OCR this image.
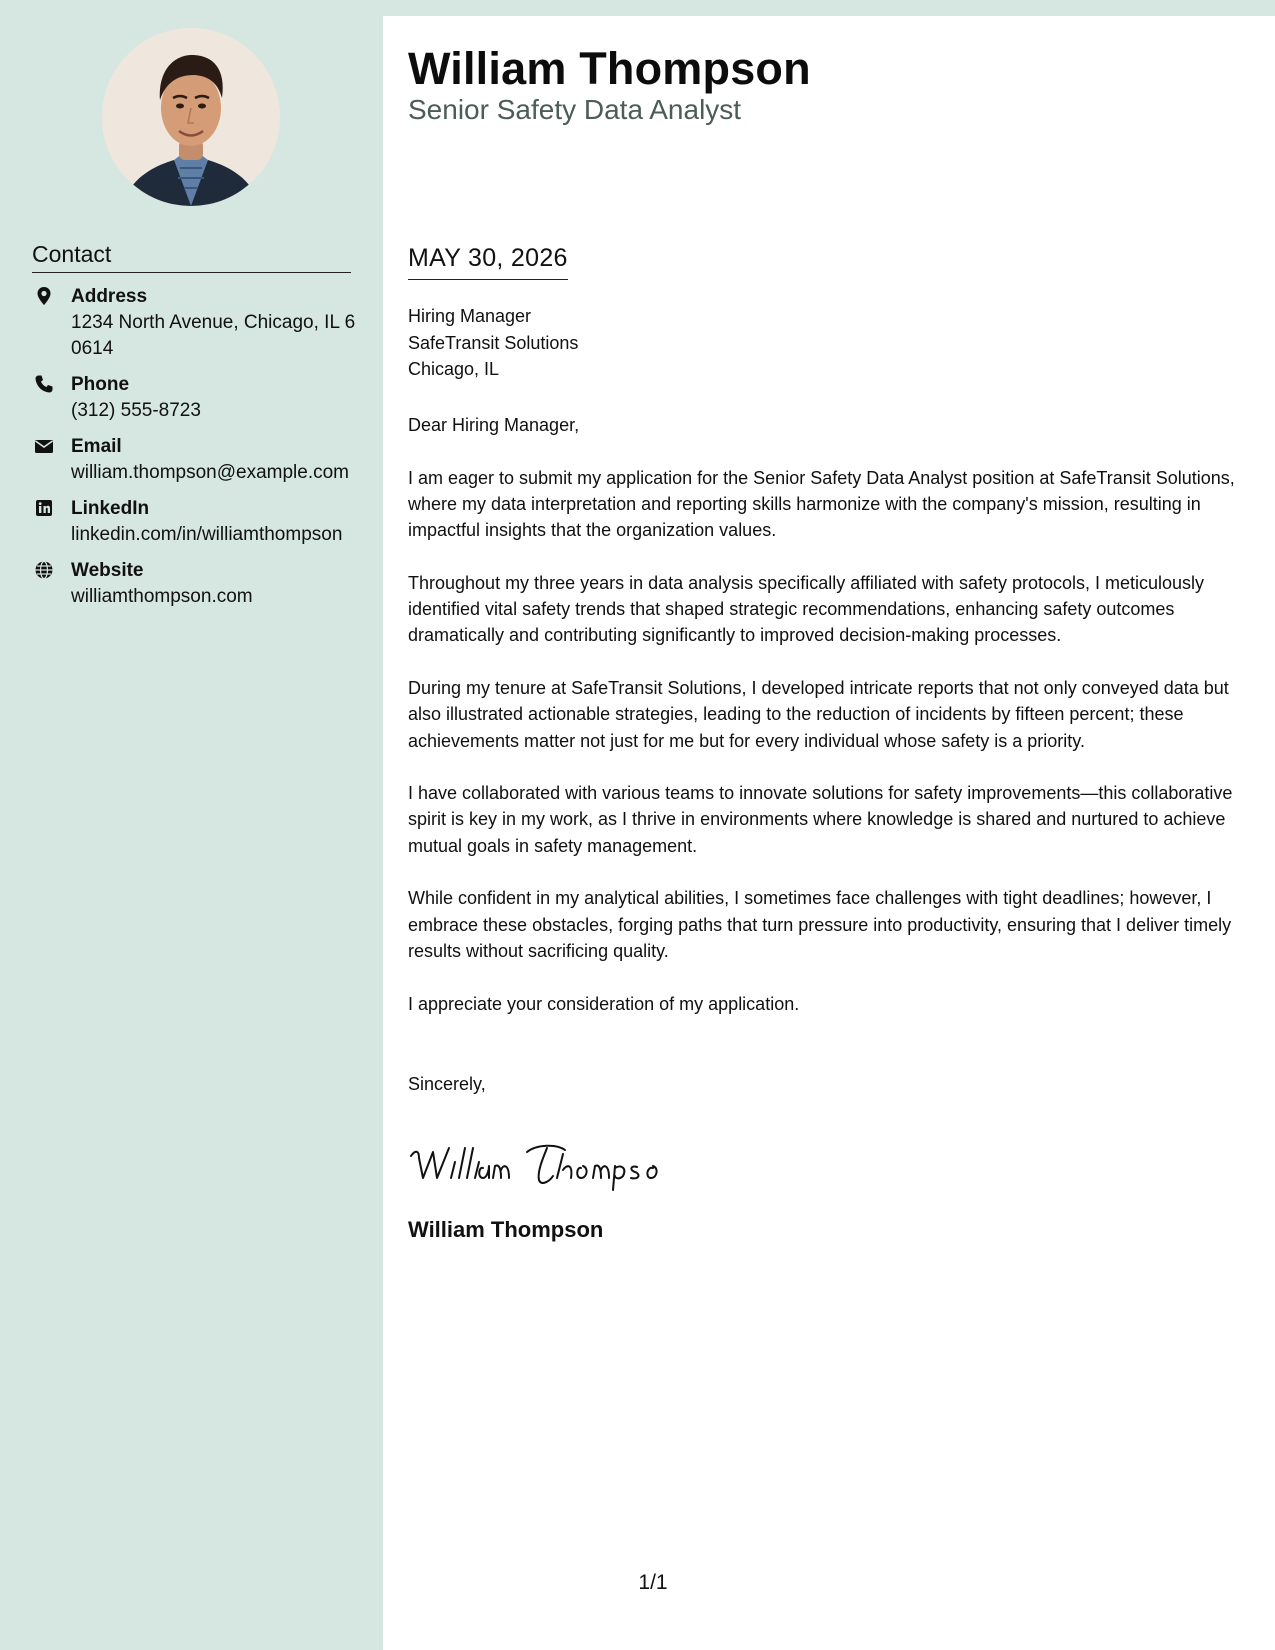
Contact
Address
1234 North Avenue, Chicago, IL 60614
Phone
(312) 555-8723
Email
william.thompson@example.com
LinkedIn
linkedin.com/in/williamthompson
Website
williamthompson.com
William Thompson
Senior Safety Data Analyst
MAY 30, 2026
Hiring Manager
SafeTransit Solutions
Chicago, IL

Dear Hiring Manager,

I am eager to submit my application for the Senior Safety Data Analyst position at SafeTransit Solutions, where my data interpretation and reporting skills harmonize with the company's mission, resulting in impactful insights that the organization values.

Throughout my three years in data analysis specifically affiliated with safety protocols, I meticulously identified vital safety trends that shaped strategic recommendations, enhancing safety outcomes dramatically and contributing significantly to improved decision-making processes.

During my tenure at SafeTransit Solutions, I developed intricate reports that not only conveyed data but also illustrated actionable strategies, leading to the reduction of incidents by fifteen percent; these achievements matter not just for me but for every individual whose safety is a priority.

I have collaborated with various teams to innovate solutions for safety improvements—this collaborative spirit is key in my work, as I thrive in environments where knowledge is shared and nurtured to achieve mutual goals in safety management.

While confident in my analytical abilities, I sometimes face challenges with tight deadlines; however, I embrace these obstacles, forging paths that turn pressure into productivity, ensuring that I deliver timely results without sacrificing quality.

I appreciate your consideration of my application.

Sincerely,
William Thompson
1/1
